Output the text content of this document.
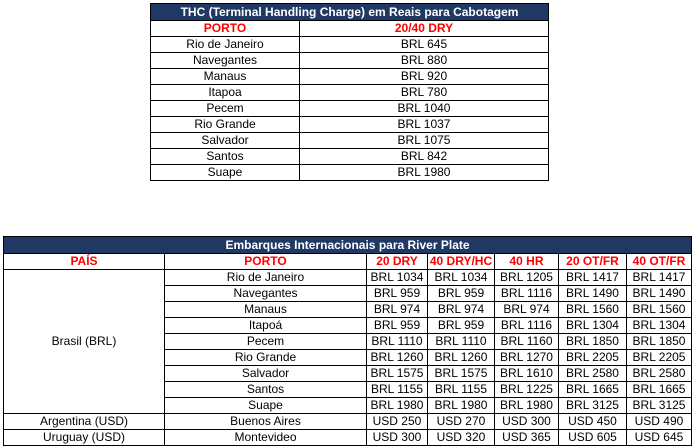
THC (Terminal Handling Charge) em Reais para Cabotagem	
PORTO	20/40 DRY
Rio de Janeiro	BRL 645
Navegantes	BRL 880
Manaus	BRL 920
Itapoa	BRL 780
Pecem	BRL 1040
Rio Grande	BRL 1037
Salvador	BRL 1075
Santos	BRL 842
Suape	BRL 1980
Embarques Internacionais para River Plate						
PAÍS	PORTO	20 DRY	40 DRY/HC	40 HR	20 OT/FR	40 OT/FR
Brasil (BRL)	Rio de Janeiro	BRL 1034	BRL 1034	BRL 1205	BRL 1417	BRL 1417
	Navegantes	BRL 959	BRL 959	BRL 1116	BRL 1490	BRL 1490
	Manaus	BRL 974	BRL 974	BRL 974	BRL 1560	BRL 1560
	Itapoá	BRL 959	BRL 959	BRL 1116	BRL 1304	BRL 1304
	Pecem	BRL 1110	BRL 1110	BRL 1160	BRL 1850	BRL 1850
	Rio Grande	BRL 1260	BRL 1260	BRL 1270	BRL 2205	BRL 2205
	Salvador	BRL 1575	BRL 1575	BRL 1610	BRL 2580	BRL 2580
	Santos	BRL 1155	BRL 1155	BRL 1225	BRL 1665	BRL 1665
	Suape	BRL 1980	BRL 1980	BRL 1980	BRL 3125	BRL 3125
Argentina (USD)	Buenos Aires	USD 250	USD 270	USD 300	USD 450	USD 490
Uruguay (USD)	Montevideo	USD 300	USD 320	USD 365	USD 605	USD 645
